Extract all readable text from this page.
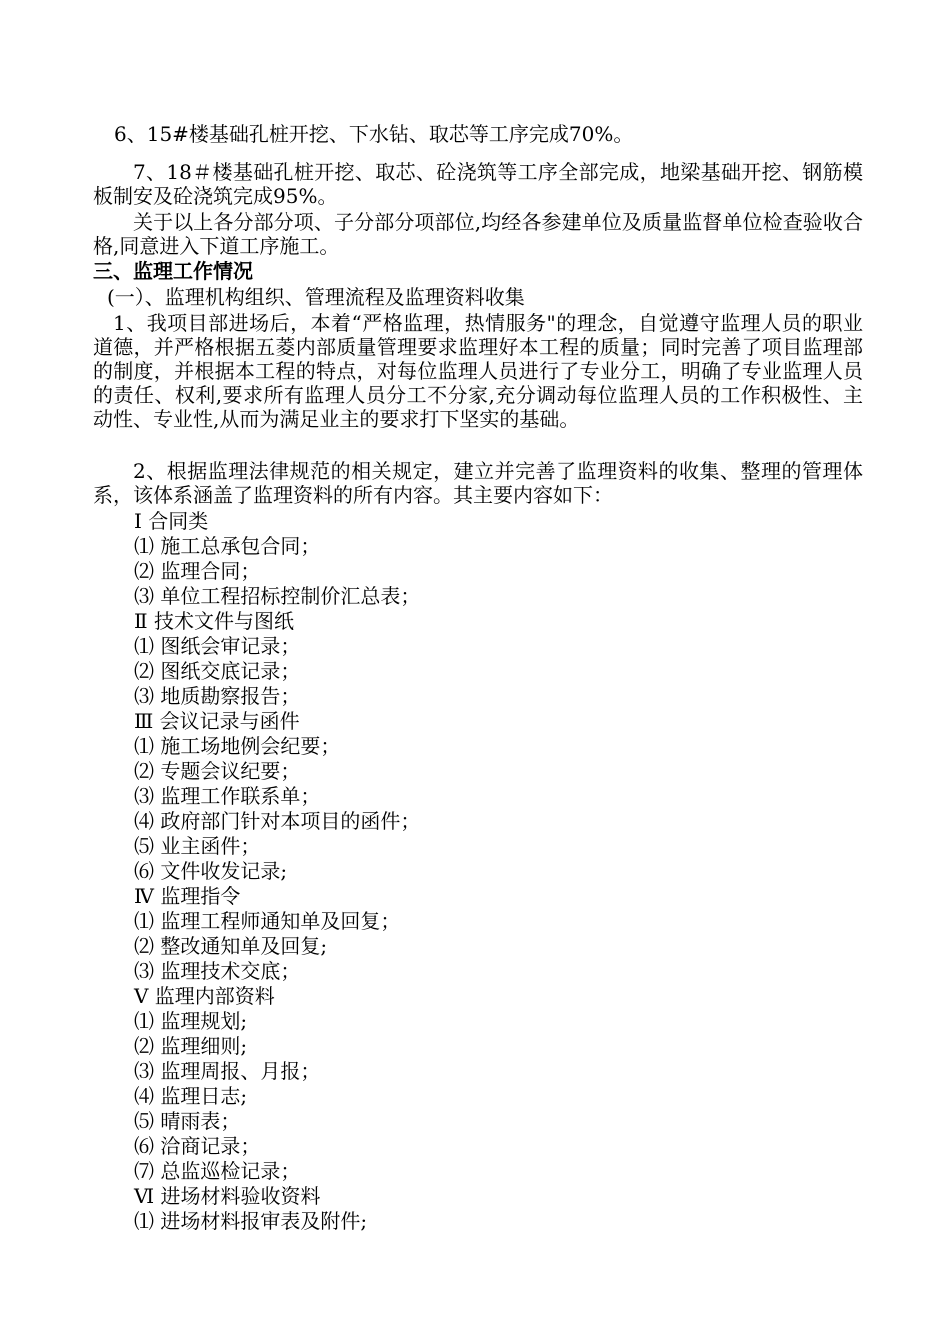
6、15#楼基础孔桩开挖、下水钻、取芯等工序完成70%。
7、18＃楼基础孔桩开挖、取芯、砼浇筑等工序全部完成，地梁基础开挖、钢筋模板制安及砼浇筑完成95%。
关于以上各分部分项、子分部分项部位,均经各参建单位及质量监督单位检查验收合格,同意进入下道工序施工。
三、监理工作情况
(一）、监理机构组织、管理流程及监理资料收集
1、我项目部进场后，本着“严格监理，热情服务"的理念，自觉遵守监理人员的职业道德，并严格根据五菱内部质量管理要求监理好本工程的质量；同时完善了项目监理部的制度，并根据本工程的特点，对每位监理人员进行了专业分工，明确了专业监理人员的责任、权利,要求所有监理人员分工不分家,充分调动每位监理人员的工作积极性、主动性、专业性,从而为满足业主的要求打下坚实的基础。
2、根据监理法律规范的相关规定，建立并完善了监理资料的收集、整理的管理体系，该体系涵盖了监理资料的所有内容。其主要内容如下：
Ⅰ 合同类
⑴ 施工总承包合同；
⑵ 监理合同；
⑶ 单位工程招标控制价汇总表；
Ⅱ 技术文件与图纸
⑴ 图纸会审记录；
⑵ 图纸交底记录；
⑶ 地质勘察报告；
Ⅲ 会议记录与函件
⑴ 施工场地例会纪要；
⑵ 专题会议纪要；
⑶ 监理工作联系单；
⑷ 政府部门针对本项目的函件；
⑸ 业主函件；
⑹ 文件收发记录;
Ⅳ 监理指令
⑴ 监理工程师通知单及回复；
⑵ 整改通知单及回复;
⑶ 监理技术交底；
Ⅴ 监理内部资料
⑴ 监理规划;
⑵ 监理细则;
⑶ 监理周报、月报；
⑷ 监理日志;
⑸ 晴雨表；
⑹ 洽商记录；
⑺ 总监巡检记录；
Ⅵ 进场材料验收资料
⑴ 进场材料报审表及附件;
